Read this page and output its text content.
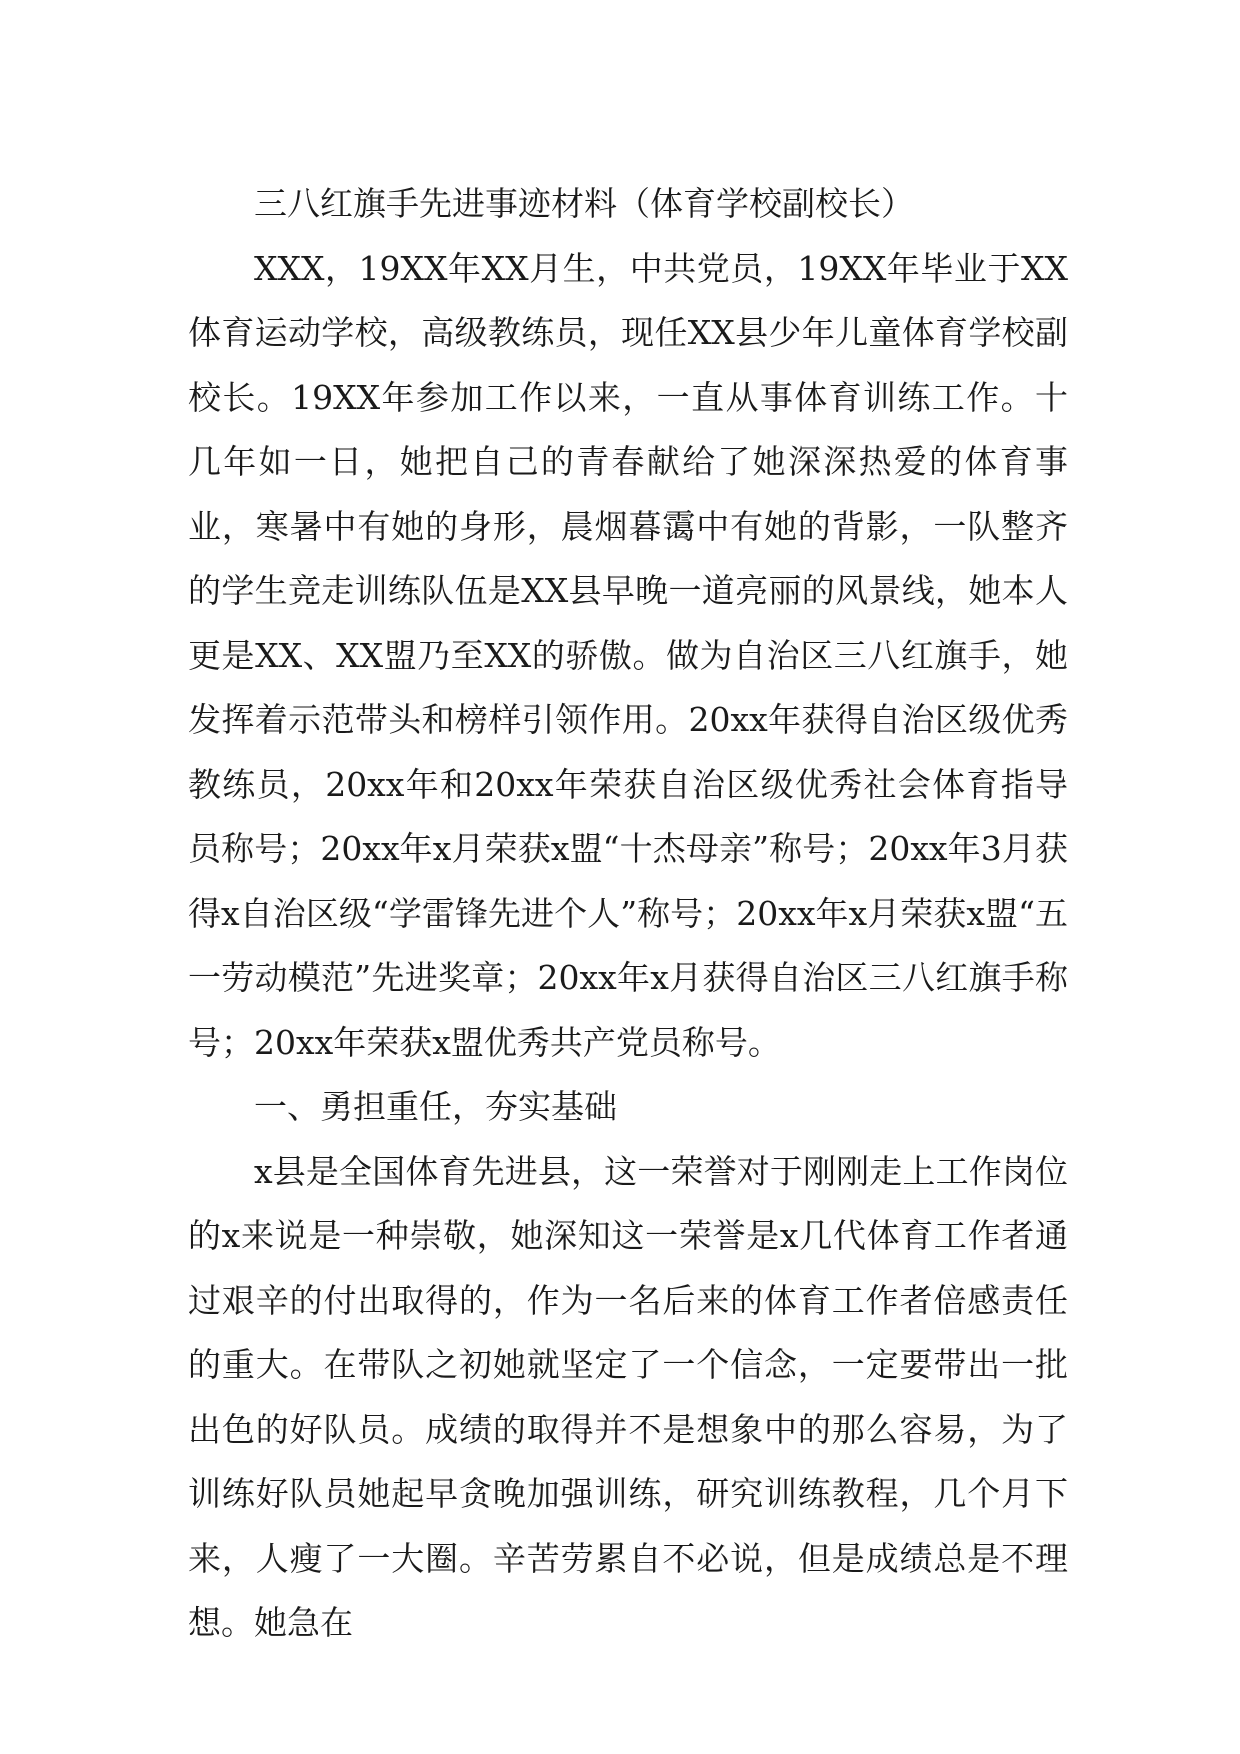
三八红旗手先进事迹材料（体育学校副校长）

XXX，19XX年XX月生，中共党员，19XX年毕业于XX体育运动学校，高级教练员，现任XX县少年儿童体育学校副校长。19XX年参加工作以来，一直从事体育训练工作。十几年如一日，她把自己的青春献给了她深深热爱的体育事业，寒暑中有她的身形，晨烟暮霭中有她的背影，一队整齐的学生竞走训练队伍是XX县早晚一道亮丽的风景线，她本人更是XX、XX盟乃至XX的骄傲。做为自治区三八红旗手，她发挥着示范带头和榜样引领作用。20xx年获得自治区级优秀教练员，20xx年和20xx年荣获自治区级优秀社会体育指导员称号；20xx年x月荣获x盟“十杰母亲”称号；20xx年3月获得x自治区级“学雷锋先进个人”称号；20xx年x月荣获x盟“五一劳动模范”先进奖章；20xx年x月获得自治区三八红旗手称号；20xx年荣获x盟优秀共产党员称号。

一、勇担重任，夯实基础

x县是全国体育先进县，这一荣誉对于刚刚走上工作岗位的x来说是一种崇敬，她深知这一荣誉是x几代体育工作者通过艰辛的付出取得的，作为一名后来的体育工作者倍感责任的重大。在带队之初她就坚定了一个信念，一定要带出一批出色的好队员。成绩的取得并不是想象中的那么容易，为了训练好队员她起早贪晚加强训练，研究训练教程，几个月下来，人瘦了一大圈。辛苦劳累自不必说，但是成绩总是不理想。她急在
